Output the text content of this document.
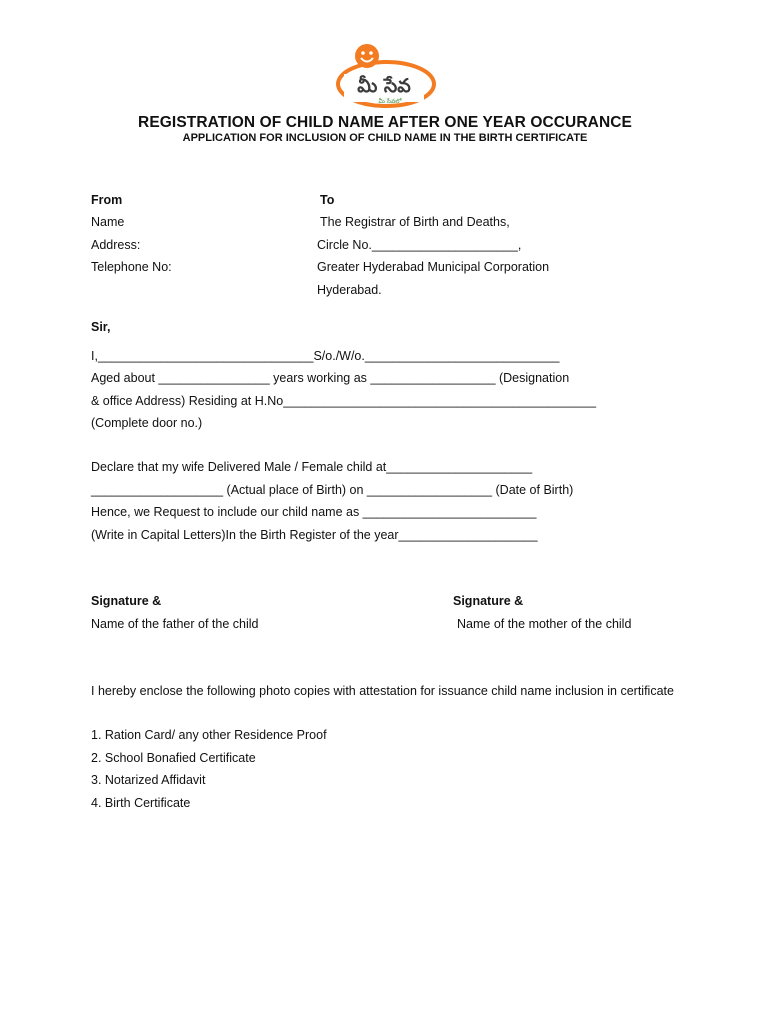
మీ సేవ
మీ సేవలో
REGISTRATION OF CHILD NAME AFTER ONE YEAR OCCURANCE
APPLICATION FOR INCLUSION OF CHILD NAME IN THE BIRTH CERTIFICATE
From
Name
Address:
Telephone No:
To
The Registrar of Birth and Deaths,
Circle No._____________________,
Greater Hyderabad Municipal Corporation
Hyderabad.
Sir,
I,_______________________________S/o./W/o.____________________________
Aged about ________________ years working as __________________ (Designation
& office Address) Residing at H.No_____________________________________________
(Complete door no.)
Declare that my wife Delivered Male / Female child at_____________________
___________________ (Actual place of Birth) on __________________ (Date of Birth)
Hence, we Request to include our child name as _________________________
(Write in Capital Letters)In the Birth Register of the year____________________
Signature &
Name of the father of the child
Signature &
Name of the mother of the child
I hereby enclose the following photo copies with attestation for issuance child name inclusion in certificate
1. Ration Card/ any other Residence Proof
2. School Bonafied Certificate
3. Notarized Affidavit
4. Birth Certificate
